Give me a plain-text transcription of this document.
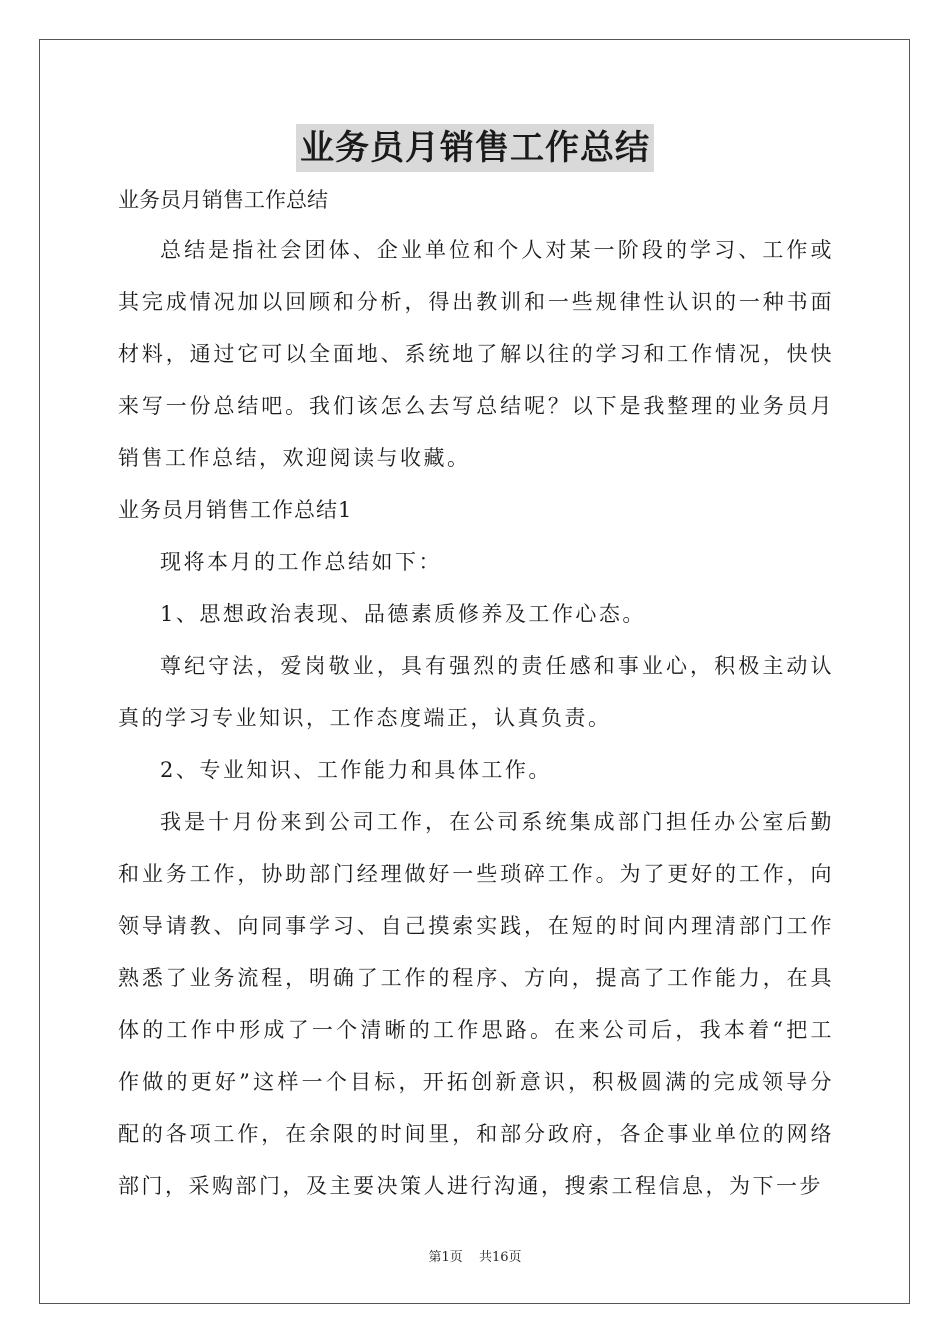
业务员月销售工作总结

业务员月销售工作总结

总结是指社会团体、企业单位和个人对某一阶段的学习、工作或其完成情况加以回顾和分析，得出教训和一些规律性认识的一种书面材料，通过它可以全面地、系统地了解以往的学习和工作情况，快快来写一份总结吧。我们该怎么去写总结呢？以下是我整理的业务员月销售工作总结，欢迎阅读与收藏。

业务员月销售工作总结1

现将本月的工作总结如下：

1、思想政治表现、品德素质修养及工作心态。

尊纪守法，爱岗敬业，具有强烈的责任感和事业心，积极主动认真的学习专业知识，工作态度端正，认真负责。

2、专业知识、工作能力和具体工作。

我是十月份来到公司工作，在公司系统集成部门担任办公室后勤和业务工作，协助部门经理做好一些琐碎工作。为了更好的工作，向领导请教、向同事学习、自己摸索实践，在短的时间内理清部门工作熟悉了业务流程，明确了工作的程序、方向，提高了工作能力，在具体的工作中形成了一个清晰的工作思路。在来公司后，我本着“把工作做的更好”这样一个目标，开拓创新意识，积极圆满的完成领导分配的各项工作，在余限的时间里，和部分政府，各企事业单位的网络部门，采购部门，及主要决策人进行沟通，搜索工程信息，为下一步

第1页 共16页
